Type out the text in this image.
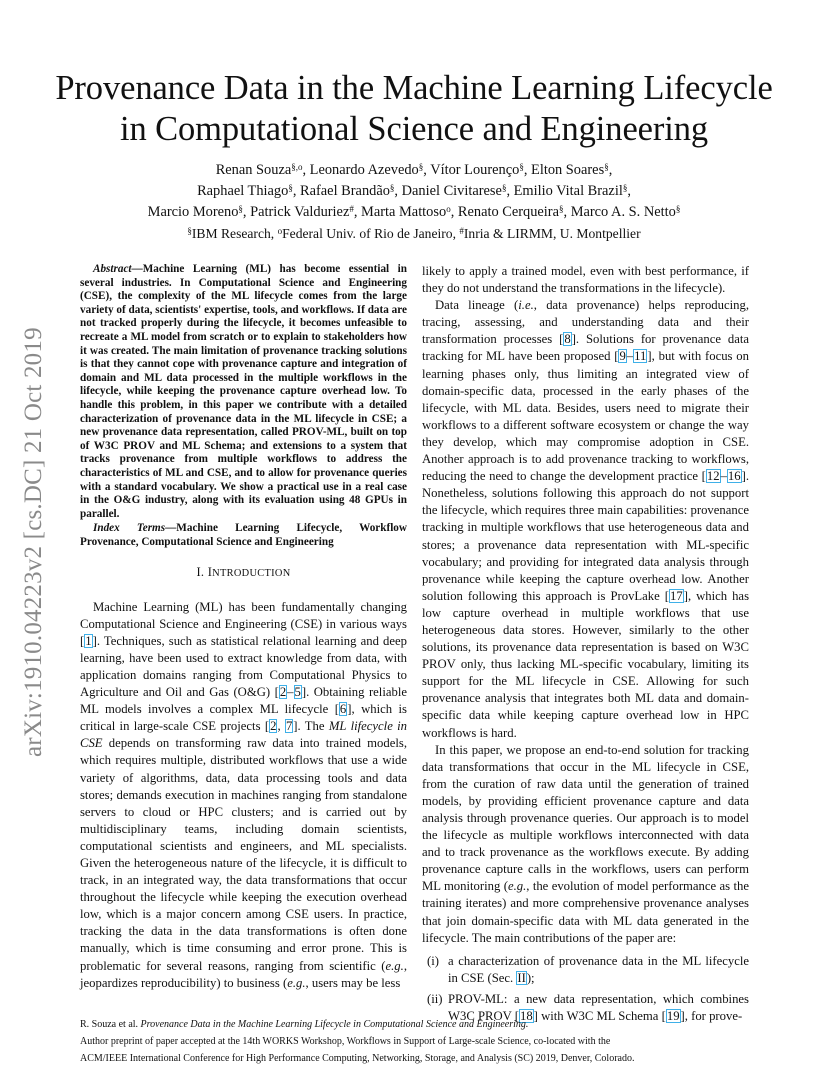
arXiv:1910.04223v2 [cs.DC] 21 Oct 2019
Provenance Data in the Machine Learning Lifecycle
in Computational Science and Engineering
Renan Souza$^{\S,o}$, Leonardo Azevedo§, Vítor Lourenço§, Elton Soares§,
Raphael Thiago§, Rafael Brandão§, Daniel Civitarese§, Emilio Vital Brazil§,
Marcio Moreno§, Patrick Valduriez#, Marta Mattoso$^o$, Renato Cerqueira§, Marco A. S. Netto§
§IBM Research, $^o$Federal Univ. of Rio de Janeiro, #Inria & LIRMM, U. Montpellier
Abstract—Machine Learning (ML) has become essential in several industries. In Computational Science and Engineering (CSE), the complexity of the ML lifecycle comes from the large variety of data, scientists' expertise, tools, and workflows. If data are not tracked properly during the lifecycle, it becomes unfeasible to recreate a ML model from scratch or to explain to stakeholders how it was created. The main limitation of provenance tracking solutions is that they cannot cope with provenance capture and integration of domain and ML data processed in the multiple workflows in the lifecycle, while keeping the provenance capture overhead low. To handle this problem, in this paper we contribute with a detailed characterization of provenance data in the ML lifecycle in CSE; a new provenance data representation, called PROV-ML, built on top of W3C PROV and ML Schema; and extensions to a system that tracks provenance from multiple workflows to address the characteristics of ML and CSE, and to allow for provenance queries with a standard vocabulary. We show a practical use in a real case in the O&G industry, along with its evaluation using 48 GPUs in parallel.
Index Terms—Machine Learning Lifecycle, Workflow Provenance, Computational Science and Engineering
I. INTRODUCTION

Machine Learning (ML) has been fundamentally changing Computational Science and Engineering (CSE) in various ways [1]. Techniques, such as statistical relational learning and deep learning, have been used to extract knowledge from data, with application domains ranging from Computational Physics to Agriculture and Oil and Gas (O&G) [2–5]. Obtaining reliable ML models involves a complex ML lifecycle [6], which is critical in large-scale CSE projects [2, 7]. The ML lifecycle in CSE depends on transforming raw data into trained models, which requires multiple, distributed workflows that use a wide variety of algorithms, data, data processing tools and data stores; demands execution in machines ranging from standalone servers to cloud or HPC clusters; and is carried out by multidisciplinary teams, including domain scientists, computational scientists and engineers, and ML specialists. Given the heterogeneous nature of the lifecycle, it is difficult to track, in an integrated way, the data transformations that occur throughout the lifecycle while keeping the execution overhead low, which is a major concern among CSE users. In practice, tracking the data in the data transformations is often done manually, which is time consuming and error prone. This is problematic for several reasons, ranging from scientific (e.g., jeopardizes reproducibility) to business (e.g., users may be less

likely to apply a trained model, even with best performance, if they do not understand the transformations in the lifecycle).

Data lineage (i.e., data provenance) helps reproducing, tracing, assessing, and understanding data and their transformation processes [8]. Solutions for provenance data tracking for ML have been proposed [9–11], but with focus on learning phases only, thus limiting an integrated view of domain-specific data, processed in the early phases of the lifecycle, with ML data. Besides, users need to migrate their workflows to a different software ecosystem or change the way they develop, which may compromise adoption in CSE. Another approach is to add provenance tracking to workflows, reducing the need to change the development practice [12–16]. Nonetheless, solutions following this approach do not support the lifecycle, which requires three main capabilities: provenance tracking in multiple workflows that use heterogeneous data and stores; a provenance data representation with ML-specific vocabulary; and providing for integrated data analysis through provenance while keeping the capture overhead low. Another solution following this approach is ProvLake [17], which has low capture overhead in multiple workflows that use heterogeneous data stores. However, similarly to the other solutions, its provenance data representation is based on W3C PROV only, thus lacking ML-specific vocabulary, limiting its support for the ML lifecycle in CSE. Allowing for such provenance analysis that integrates both ML data and domain-specific data while keeping capture overhead low in HPC workflows is hard.

In this paper, we propose an end-to-end solution for tracking data transformations that occur in the ML lifecycle in CSE, from the curation of raw data until the generation of trained models, by providing efficient provenance capture and data analysis through provenance queries. Our approach is to model the lifecycle as multiple workflows interconnected with data and to track provenance as the workflows execute. By adding provenance capture calls in the workflows, users can perform ML monitoring (e.g., the evolution of model performance as the training iterates) and more comprehensive provenance analyses that join domain-specific data with ML data generated in the lifecycle. The main contributions of the paper are:

(i) a characterization of provenance data in the ML lifecycle in CSE (Sec. II);
(ii) PROV-ML: a new data representation, which combines W3C PROV [18] with W3C ML Schema [19], for prove-
R. Souza et al. Provenance Data in the Machine Learning Lifecycle in Computational Science and Engineering.
Author preprint of paper accepted at the 14th WORKS Workshop, Workflows in Support of Large-scale Science, co-located with the
ACM/IEEE International Conference for High Performance Computing, Networking, Storage, and Analysis (SC) 2019, Denver, Colorado.
